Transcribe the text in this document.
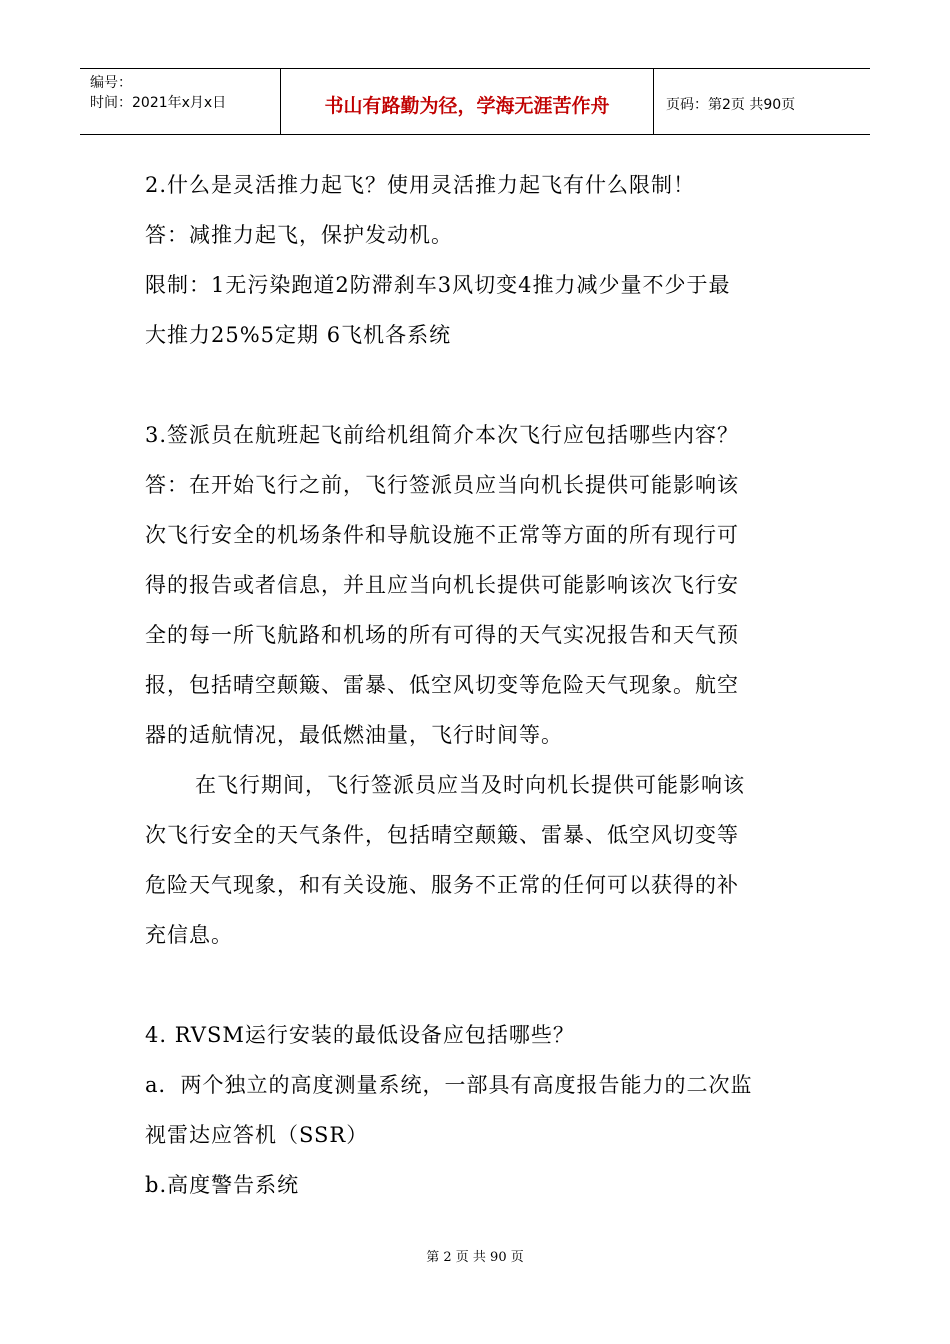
编号：
时间：2021年x月x日	书山有路勤为径，学海无涯苦作舟	页码：第2页 共90页
2.什么是灵活推力起飞？使用灵活推力起飞有什么限制！
答：减推力起飞，保护发动机。
限制：1无污染跑道2防滞刹车3风切变4推力减少量不少于最
大推力25%5定期 6飞机各系统
3.签派员在航班起飞前给机组简介本次飞行应包括哪些内容？
答：在开始飞行之前，飞行签派员应当向机长提供可能影响该
次飞行安全的机场条件和导航设施不正常等方面的所有现行可
得的报告或者信息，并且应当向机长提供可能影响该次飞行安
全的每一所飞航路和机场的所有可得的天气实况报告和天气预
报，包括晴空颠簸、雷暴、低空风切变等危险天气现象。航空
器的适航情况，最低燃油量，飞行时间等。
在飞行期间，飞行签派员应当及时向机长提供可能影响该
次飞行安全的天气条件，包括晴空颠簸、雷暴、低空风切变等
危险天气现象，和有关设施、服务不正常的任何可以获得的补
充信息。
4. RVSM运行安装的最低设备应包括哪些？
a．两个独立的高度测量系统，一部具有高度报告能力的二次监
视雷达应答机（SSR）
b.高度警告系统
第 2 页 共 90 页
